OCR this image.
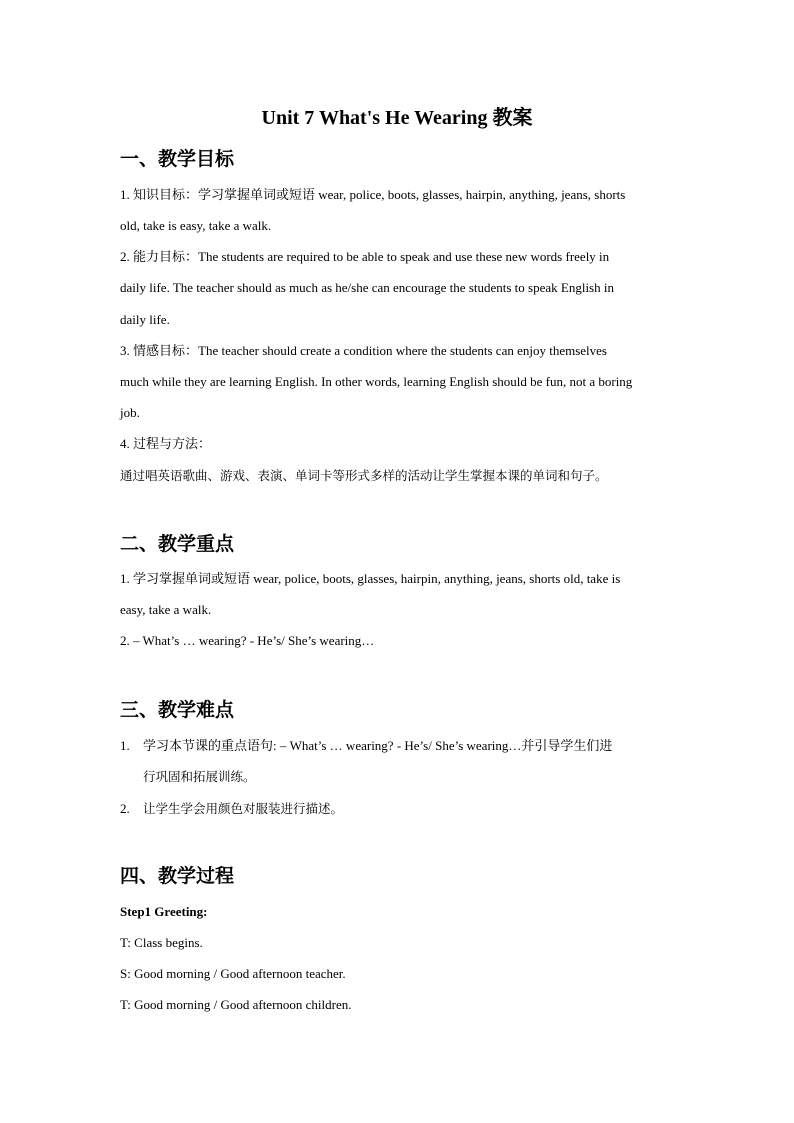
Unit 7 What's He Wearing 教案
一、教学目标
1. 知识目标：学习掌握单词或短语 wear, police, boots, glasses, hairpin, anything, jeans, shorts
old, take is easy, take a walk.
2. 能力目标：The students are required to be able to speak and use these new words freely in
daily life. The teacher should as much as he/she can encourage the students to speak English in
daily life.
3. 情感目标：The teacher should create a condition where the students can enjoy themselves
much while they are learning English. In other words, learning English should be fun, not a boring
job.
4. 过程与方法：
通过唱英语歌曲、游戏、表演、单词卡等形式多样的活动让学生掌握本课的单词和句子。
二、教学重点
1. 学习掌握单词或短语 wear, police, boots, glasses, hairpin, anything, jeans, shorts old, take is
easy, take a walk.
2. – What’s … wearing? - He’s/ She’s wearing…
三、教学难点
1. 学习本节课的重点语句: – What’s … wearing? - He’s/ She’s wearing…并引导学生们进
行巩固和拓展训练。
2. 让学生学会用颜色对服装进行描述。
四、教学过程
Step1 Greeting:
T: Class begins.
S: Good morning / Good afternoon teacher.
T: Good morning / Good afternoon children.
